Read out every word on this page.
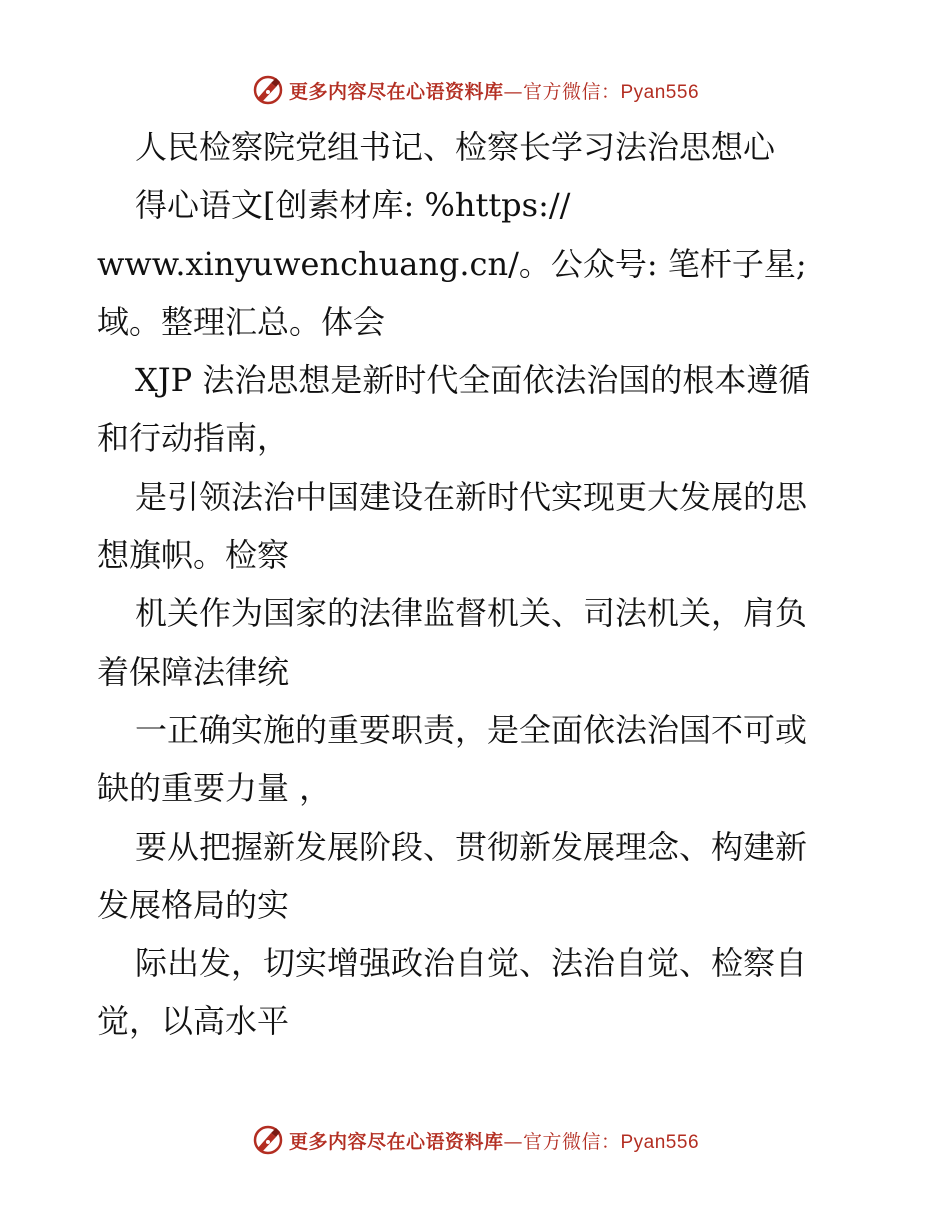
更多内容尽在心语资料库—官方微信：Pyan556
人民检察院党组书记、检察长学习法治思想心
得心语文[创素材库: %https://
www.xinyuwenchuang.cn/。公众号: 笔杆子星;
域。整理汇总。体会
XJP 法治思想是新时代全面依法治国的根本遵循
和行动指南，
是引领法治中国建设在新时代实现更大发展的思
想旗帜。检察
机关作为国家的法律监督机关、司法机关，肩负
着保障法律统
一正确实施的重要职责，是全面依法治国不可或
缺的重要力量 ，
要从把握新发展阶段、贯彻新发展理念、构建新
发展格局的实
际出发，切实增强政治自觉、法治自觉、检察自
觉，以高水平
更多内容尽在心语资料库—官方微信：Pyan556
